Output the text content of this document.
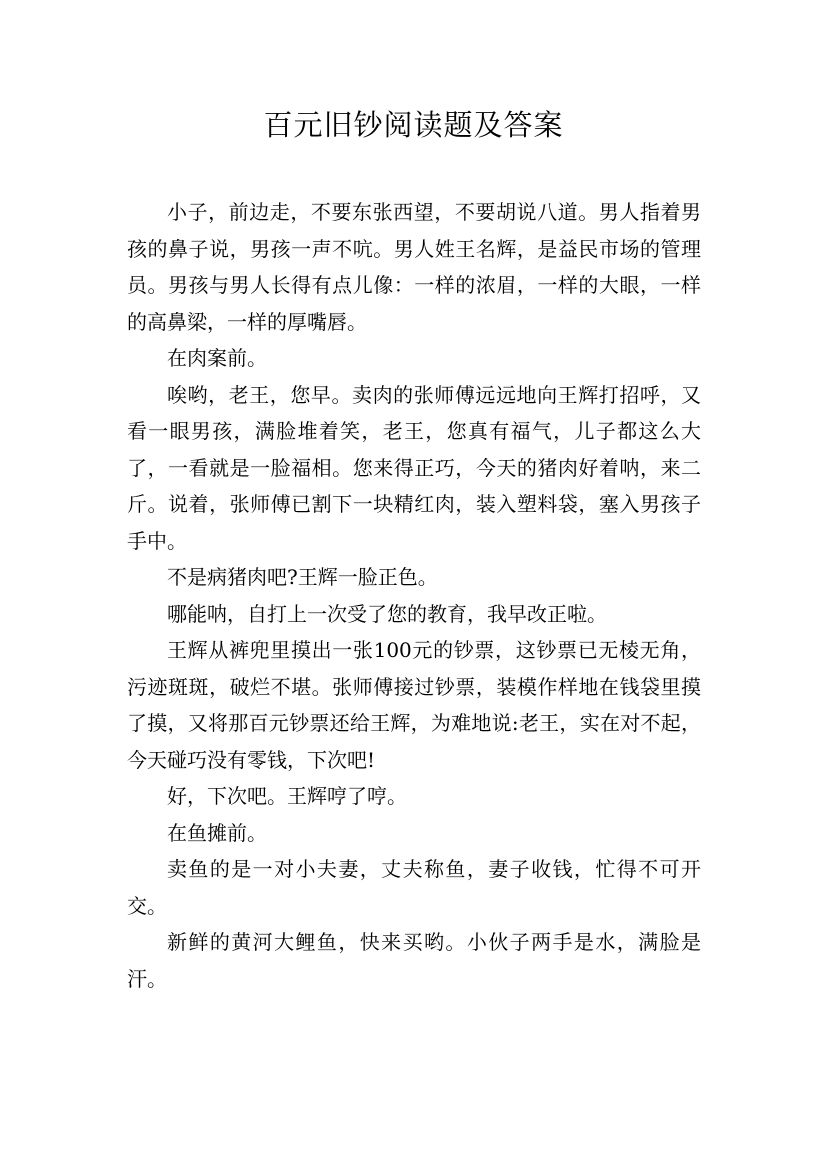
百元旧钞阅读题及答案

小子，前边走，不要东张西望，不要胡说八道。男人指着男孩的鼻子说，男孩一声不吭。男人姓王名辉，是益民市场的管理员。男孩与男人长得有点儿像：一样的浓眉，一样的大眼，一样的高鼻梁，一样的厚嘴唇。

在肉案前。

唉哟，老王，您早。卖肉的张师傅远远地向王辉打招呼，又看一眼男孩，满脸堆着笑，老王，您真有福气，儿子都这么大了，一看就是一脸福相。您来得正巧，今天的猪肉好着呐，来二斤。说着，张师傅已割下一块精红肉，装入塑料袋，塞入男孩子手中。

不是病猪肉吧?王辉一脸正色。

哪能呐，自打上一次受了您的教育，我早改正啦。

王辉从裤兜里摸出一张100元的钞票，这钞票已无棱无角，污迹斑斑，破烂不堪。张师傅接过钞票，装模作样地在钱袋里摸了摸，又将那百元钞票还给王辉，为难地说:老王，实在对不起，今天碰巧没有零钱，下次吧!

好，下次吧。王辉哼了哼。

在鱼摊前。

卖鱼的是一对小夫妻，丈夫称鱼，妻子收钱，忙得不可开交。

新鲜的黄河大鲤鱼，快来买哟。小伙子两手是水，满脸是汗。
